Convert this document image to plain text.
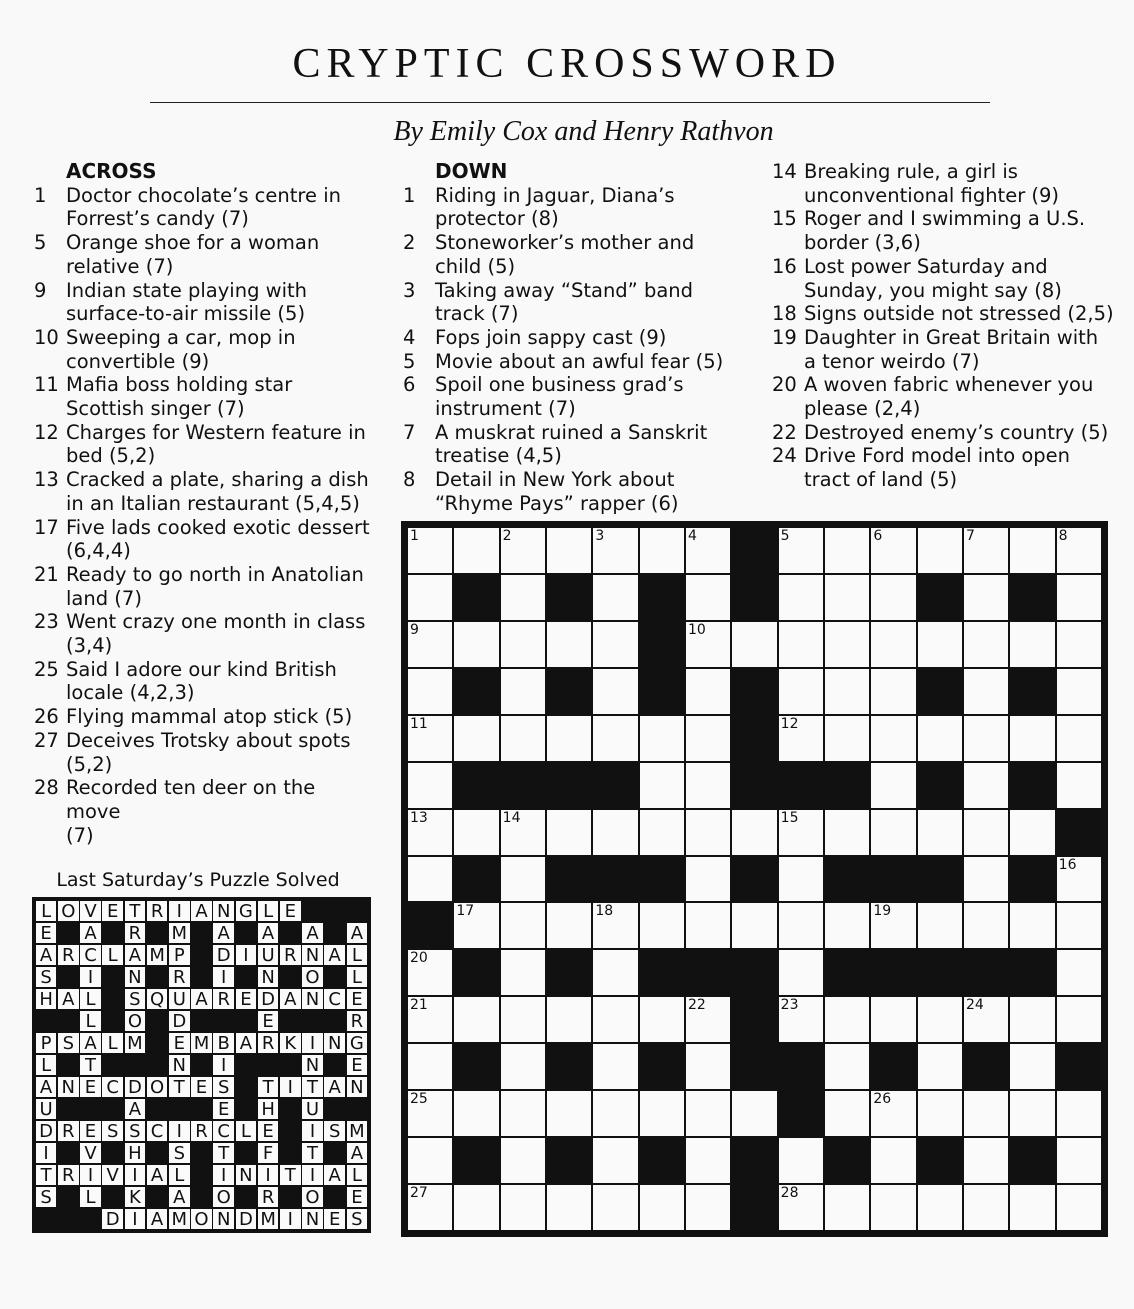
CRYPTIC CROSSWORD
By Emily Cox and Henry Rathvon
ACROSS
1 Doctor chocolate’s centre in
Forrest’s candy (7)
5 Orange shoe for a woman
relative (7)
9 Indian state playing with
surface-to-air missile (5)
10 Sweeping a car, mop in
convertible (9)
11 Mafia boss holding star
Scottish singer (7)
12 Charges for Western feature in
bed (5,2)
13 Cracked a plate, sharing a dish
in an Italian restaurant (5,4,5)
17 Five lads cooked exotic dessert
(6,4,4)
21 Ready to go north in Anatolian
land (7)
23 Went crazy one month in class
(3,4)
25 Said I adore our kind British
locale (4,2,3)
26 Flying mammal atop stick (5)
27 Deceives Trotsky about spots
(5,2)
28 Recorded ten deer on the move
(7)
DOWN
1 Riding in Jaguar, Diana’s
protector (8)
2 Stoneworker’s mother and
child (5)
3 Taking away “Stand” band
track (7)
4 Fops join sappy cast (9)
5 Movie about an awful fear (5)
6 Spoil one business grad’s
instrument (7)
7 A muskrat ruined a Sanskrit
treatise (4,5)
8 Detail in New York about
“Rhyme Pays” rapper (6)
14 Breaking rule, a girl is
unconventional fighter (9)
15 Roger and I swimming a U.S.
border (3,6)
16 Lost power Saturday and
Sunday, you might say (8)
18 Signs outside not stressed (2,5)
19 Daughter in Great Britain with
a tenor weirdo (7)
20 A woven fabric whenever you
please (2,4)
22 Destroyed enemy’s country (5)
24 Drive Ford model into open
tract of land (5)
1	2	3	4	5	6	7	8
9	10
11	12
13	14	15
16
17	18	19
20
21	22	23	24
25	26
27	28
Last Saturday’s Puzzle Solved
L O V E T R I A N G L E
E A R M A A A A
A R C L A M P D I U R N A L
S	I	N R	I	N O L
H A L S Q U A R E D A N C E
L O D	E	R
P S A L M E M B A R K I N G
L T	N	I	N E
A N E C D O T E S T I T A N
U	A	E H U
D R E S S C I R C L E	I S M
I	V H S T F T A
T R I V I A L	I N I T I A L
S L K A O R O E
D I A M O N D M I N E S
